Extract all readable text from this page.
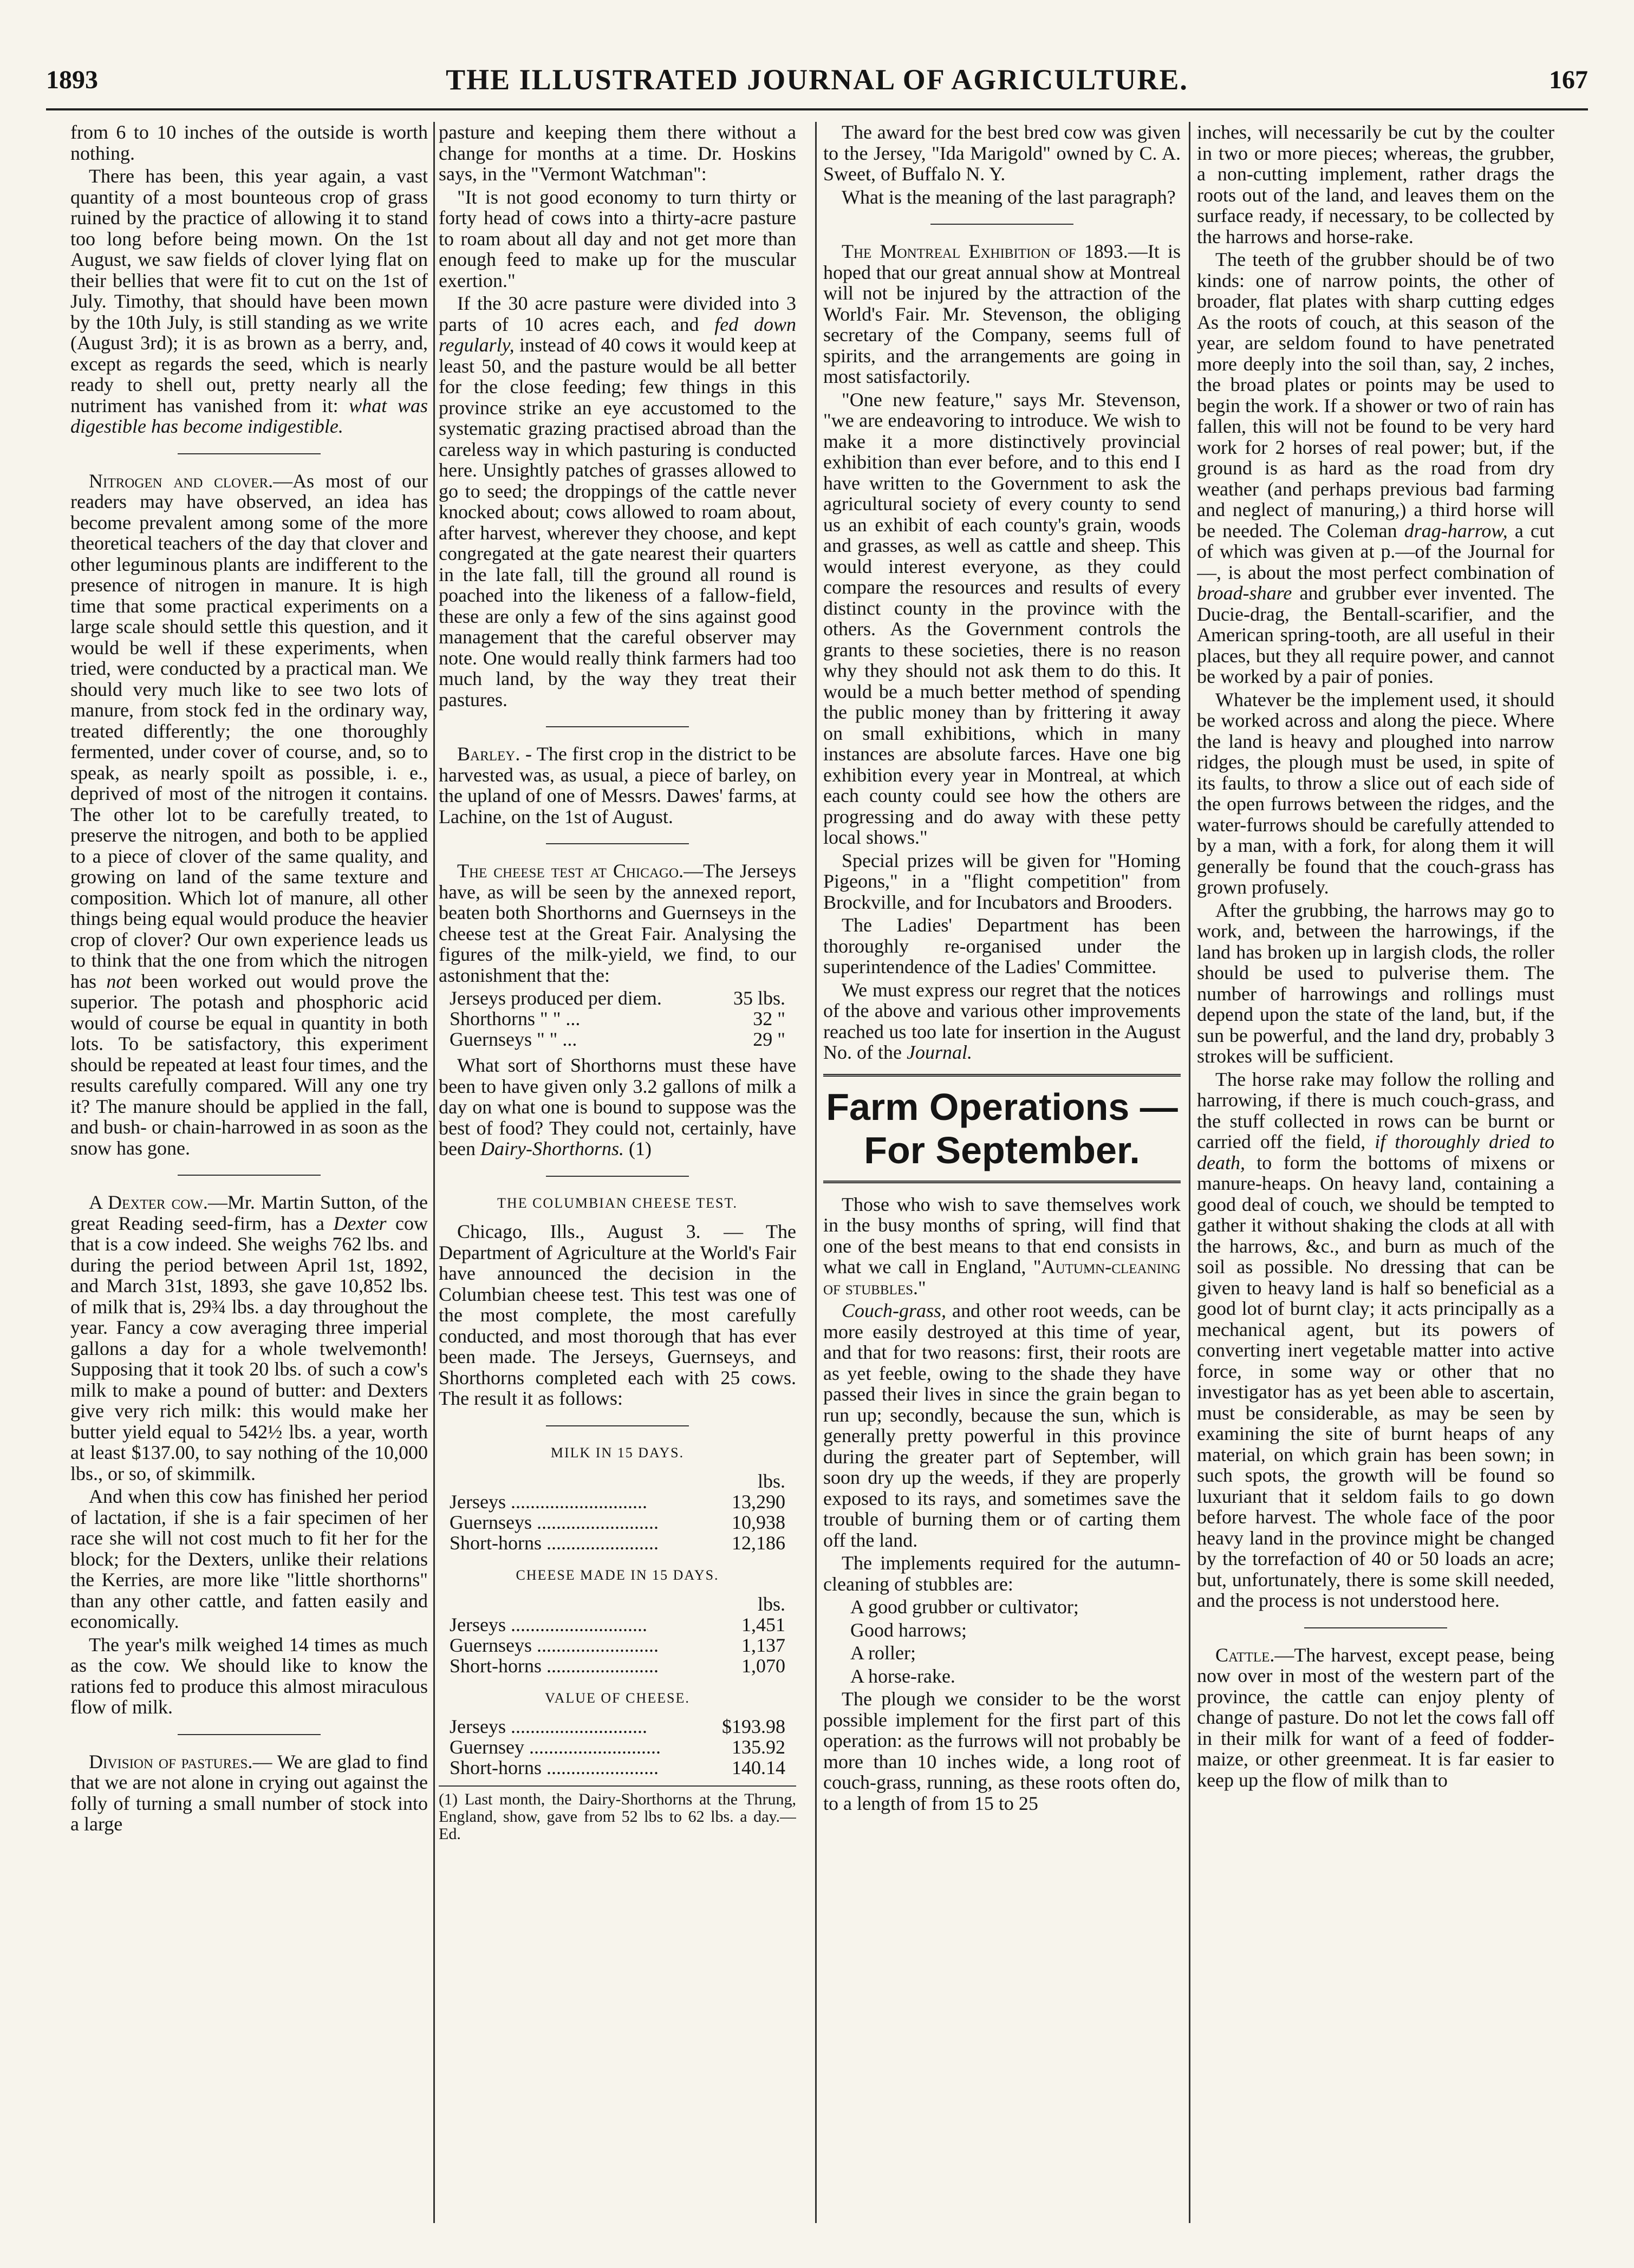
1893	THE ILLUSTRATED JOURNAL OF AGRICULTURE.	167

from 6 to 10 inches of the outside is worth nothing.

There has been, this year again, a vast quantity of a most bounteous crop of grass ruined by the practice of allowing it to stand too long before being mown. On the 1st August, we saw fields of clover lying flat on their bellies that were fit to cut on the 1st of July. Timothy, that should have been mown by the 10th July, is still standing as we write (August 3rd); it is as brown as a berry, and, except as regards the seed, which is nearly ready to shell out, pretty nearly all the nutriment has vanished from it: what was digestible has become indigestible.

Nitrogen and clover.—As most of our readers may have observed, an idea has become prevalent among some of the more theoretical teachers of the day that clover and other leguminous plants are indifferent to the presence of nitrogen in manure. It is high time that some practical experiments on a large scale should settle this question, and it would be well if these experiments, when tried, were conducted by a practical man. We should very much like to see two lots of manure, from stock fed in the ordinary way, treated differently; the one thoroughly fermented, under cover of course, and, so to speak, as nearly spoilt as possible, i. e., deprived of most of the nitrogen it contains. The other lot to be carefully treated, to preserve the nitrogen, and both to be applied to a piece of clover of the same quality, and growing on land of the same texture and composition. Which lot of manure, all other things being equal would produce the heavier crop of clover? Our own experience leads us to think that the one from which the nitrogen has not been worked out would prove the superior. The potash and phosphoric acid would of course be equal in quantity in both lots. To be satisfactory, this experiment should be repeated at least four times, and the results carefully compared. Will any one try it? The manure should be applied in the fall, and bush- or chain-harrowed in as soon as the snow has gone.

A Dexter cow.—Mr. Martin Sutton, of the great Reading seed-firm, has a Dexter cow that is a cow indeed. She weighs 762 lbs. and during the period between April 1st, 1892, and March 31st, 1893, she gave 10,852 lbs. of milk that is, 29¾ lbs. a day throughout the year. Fancy a cow averaging three imperial gallons a day for a whole twelvemonth! Supposing that it took 20 lbs. of such a cow's milk to make a pound of butter: and Dexters give very rich milk: this would make her butter yield equal to 542½ lbs. a year, worth at least $137.00, to say nothing of the 10,000 lbs., or so, of skimmilk.

And when this cow has finished her period of lactation, if she is a fair specimen of her race she will not cost much to fit her for the block; for the Dexters, unlike their relations the Kerries, are more like "little shorthorns" than any other cattle, and fatten easily and economically.

The year's milk weighed 14 times as much as the cow. We should like to know the rations fed to produce this almost miraculous flow of milk.

Division of pastures.— We are glad to find that we are not alone in crying out against the folly of turning a small number of stock into a large

pasture and keeping them there without a change for months at a time. Dr. Hoskins says, in the "Vermont Watchman":

"It is not good economy to turn thirty or forty head of cows into a thirty-acre pasture to roam about all day and not get more than enough feed to make up for the muscular exertion."

If the 30 acre pasture were divided into 3 parts of 10 acres each, and fed down regularly, instead of 40 cows it would keep at least 50, and the pasture would be all better for the close feeding; few things in this province strike an eye accustomed to the systematic grazing practised abroad than the careless way in which pasturing is conducted here. Unsightly patches of grasses allowed to go to seed; the droppings of the cattle never knocked about; cows allowed to roam about, after harvest, wherever they choose, and kept congregated at the gate nearest their quarters in the late fall, till the ground all round is poached into the likeness of a fallow-field, these are only a few of the sins against good management that the careful observer may note. One would really think farmers had too much land, by the way they treat their pastures.

Barley. - The first crop in the district to be harvested was, as usual, a piece of barley, on the upland of one of Messrs. Dawes' farms, at Lachine, on the 1st of August.

The cheese test at Chicago.—The Jerseys have, as will be seen by the annexed report, beaten both Shorthorns and Guernseys in the cheese test at the Great Fair. Analysing the figures of the milk-yield, we find, to our astonishment that the:

Jerseys produced per diem.	35 lbs.
Shorthorns " " ...	32 "
Guernseys " " ...	29 "

What sort of Shorthorns must these have been to have given only 3.2 gallons of milk a day on what one is bound to suppose was the best of food? They could not, certainly, have been Dairy-Shorthorns. (1)

THE COLUMBIAN CHEESE TEST.

Chicago, Ills., August 3. — The Department of Agriculture at the World's Fair have announced the decision in the Columbian cheese test. This test was one of the most complete, the most carefully conducted, and most thorough that has ever been made. The Jerseys, Guernseys, and Shorthorns completed each with 25 cows. The result it as follows:

MILK IN 15 DAYS.

	lbs.
Jerseys ............................	13,290
Guernseys .........................	10,938
Short-horns .......................	12,186

CHEESE MADE IN 15 DAYS.

	lbs.
Jerseys ............................	1,451
Guernseys .........................	1,137
Short-horns .......................	1,070

VALUE OF CHEESE.

Jerseys ............................	$193.98
Guernsey ...........................	135.92
Short-horns .......................	140.14

(1) Last month, the Dairy-Shorthorns at the Thrung, England, show, gave from 52 lbs to 62 lbs. a day.—Ed.

The award for the best bred cow was given to the Jersey, "Ida Marigold" owned by C. A. Sweet, of Buffalo N. Y.

What is the meaning of the last paragraph?

The Montreal Exhibition of 1893.—It is hoped that our great annual show at Montreal will not be injured by the attraction of the World's Fair. Mr. Stevenson, the obliging secretary of the Company, seems full of spirits, and the arrangements are going in most satisfactorily.

"One new feature," says Mr. Stevenson, "we are endeavoring to introduce. We wish to make it a more distinctively provincial exhibition than ever before, and to this end I have written to the Government to ask the agricultural society of every county to send us an exhibit of each county's grain, woods and grasses, as well as cattle and sheep. This would interest everyone, as they could compare the resources and results of every distinct county in the province with the others. As the Government controls the grants to these societies, there is no reason why they should not ask them to do this. It would be a much better method of spending the public money than by frittering it away on small exhibitions, which in many instances are absolute farces. Have one big exhibition every year in Montreal, at which each county could see how the others are progressing and do away with these petty local shows."

Special prizes will be given for "Homing Pigeons," in a "flight competition" from Brockville, and for Incubators and Brooders.

The Ladies' Department has been thoroughly re-organised under the superintendence of the Ladies' Committee.

We must express our regret that the notices of the above and various other improvements reached us too late for insertion in the August No. of the Journal.

Farm Operations — For September.

Those who wish to save themselves work in the busy months of spring, will find that one of the best means to that end consists in what we call in England, "Autumn-cleaning of stubbles."

Couch-grass, and other root weeds, can be more easily destroyed at this time of year, and that for two reasons: first, their roots are as yet feeble, owing to the shade they have passed their lives in since the grain began to run up; secondly, because the sun, which is generally pretty powerful in this province during the greater part of September, will soon dry up the weeds, if they are properly exposed to its rays, and sometimes save the trouble of burning them or of carting them off the land.

The implements required for the autumn-cleaning of stubbles are:

A good grubber or cultivator;

Good harrows;

A roller;

A horse-rake.

The plough we consider to be the worst possible implement for the first part of this operation: as the furrows will not probably be more than 10 inches wide, a long root of couch-grass, running, as these roots often do, to a length of from 15 to 25

inches, will necessarily be cut by the coulter in two or more pieces; whereas, the grubber, a non-cutting implement, rather drags the roots out of the land, and leaves them on the surface ready, if necessary, to be collected by the harrows and horse-rake.

The teeth of the grubber should be of two kinds: one of narrow points, the other of broader, flat plates with sharp cutting edges As the roots of couch, at this season of the year, are seldom found to have penetrated more deeply into the soil than, say, 2 inches, the broad plates or points may be used to begin the work. If a shower or two of rain has fallen, this will not be found to be very hard work for 2 horses of real power; but, if the ground is as hard as the road from dry weather (and perhaps previous bad farming and neglect of manuring,) a third horse will be needed. The Coleman drag-harrow, a cut of which was given at p.—of the Journal for—, is about the most perfect combination of broad-share and grubber ever invented. The Ducie-drag, the Bentall-scarifier, and the American spring-tooth, are all useful in their places, but they all require power, and cannot be worked by a pair of ponies.

Whatever be the implement used, it should be worked across and along the piece. Where the land is heavy and ploughed into narrow ridges, the plough must be used, in spite of its faults, to throw a slice out of each side of the open furrows between the ridges, and the water-furrows should be carefully attended to by a man, with a fork, for along them it will generally be found that the couch-grass has grown profusely.

After the grubbing, the harrows may go to work, and, between the harrowings, if the land has broken up in largish clods, the roller should be used to pulverise them. The number of harrowings and rollings must depend upon the state of the land, but, if the sun be powerful, and the land dry, probably 3 strokes will be sufficient.

The horse rake may follow the rolling and harrowing, if there is much couch-grass, and the stuff collected in rows can be burnt or carried off the field, if thoroughly dried to death, to form the bottoms of mixens or manure-heaps. On heavy land, containing a good deal of couch, we should be tempted to gather it without shaking the clods at all with the harrows, &c., and burn as much of the soil as possible. No dressing that can be given to heavy land is half so beneficial as a good lot of burnt clay; it acts principally as a mechanical agent, but its powers of converting inert vegetable matter into active force, in some way or other that no investigator has as yet been able to ascertain, must be considerable, as may be seen by examining the site of burnt heaps of any material, on which grain has been sown; in such spots, the growth will be found so luxuriant that it seldom fails to go down before harvest. The whole face of the poor heavy land in the province might be changed by the torrefaction of 40 or 50 loads an acre; but, unfortunately, there is some skill needed, and the process is not understood here.

Cattle.—The harvest, except pease, being now over in most of the western part of the province, the cattle can enjoy plenty of change of pasture. Do not let the cows fall off in their milk for want of a feed of fodder-maize, or other greenmeat. It is far easier to keep up the flow of milk than to
